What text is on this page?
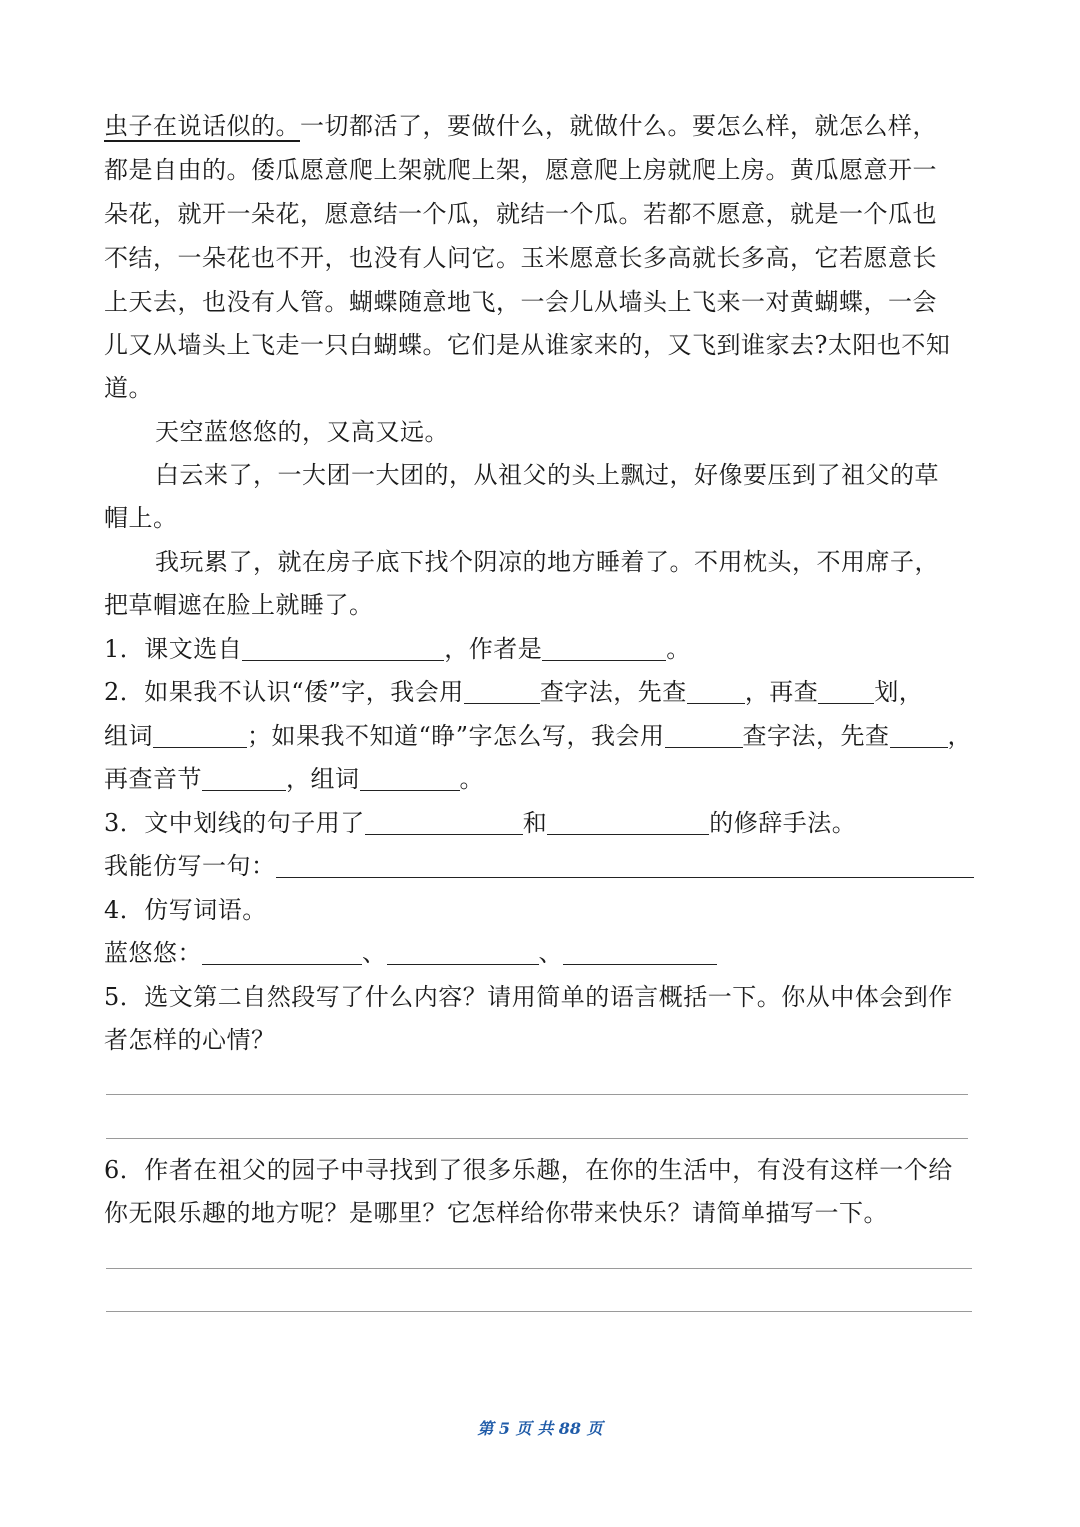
虫子在说话似的。一切都活了，要做什么，就做什么。要怎么样，就怎么样，
都是自由的。倭瓜愿意爬上架就爬上架，愿意爬上房就爬上房。黄瓜愿意开一
朵花，就开一朵花，愿意结一个瓜，就结一个瓜。若都不愿意，就是一个瓜也
不结，一朵花也不开，也没有人问它。玉米愿意长多高就长多高，它若愿意长
上天去，也没有人管。蝴蝶随意地飞，一会儿从墙头上飞来一对黄蝴蝶，一会
儿又从墙头上飞走一只白蝴蝶。它们是从谁家来的，又飞到谁家去?太阳也不知
道。
天空蓝悠悠的，又高又远。
白云来了，一大团一大团的，从祖父的头上飘过，好像要压到了祖父的草
帽上。
我玩累了，就在房子底下找个阴凉的地方睡着了。不用枕头，不用席子，
把草帽遮在脸上就睡了。
1．课文选自	，作者是	。
2．如果我不认识“倭”字，我会用	查字法，先查 ，再查 划，
组词	；如果我不知道“睁”字怎么写，我会用	查字法，先查 ，
再查音节	，组词	。
3．文中划线的句子用了	和	的修辞手法。
我能仿写一句：
4．仿写词语。
蓝悠悠：	、	、
5．选文第二自然段写了什么内容？请用简单的语言概括一下。你从中体会到作
者怎样的心情？
6．作者在祖父的园子中寻找到了很多乐趣，在你的生活中，有没有这样一个给
你无限乐趣的地方呢？是哪里？它怎样给你带来快乐？请简单描写一下。
第 5 页 共 88 页
